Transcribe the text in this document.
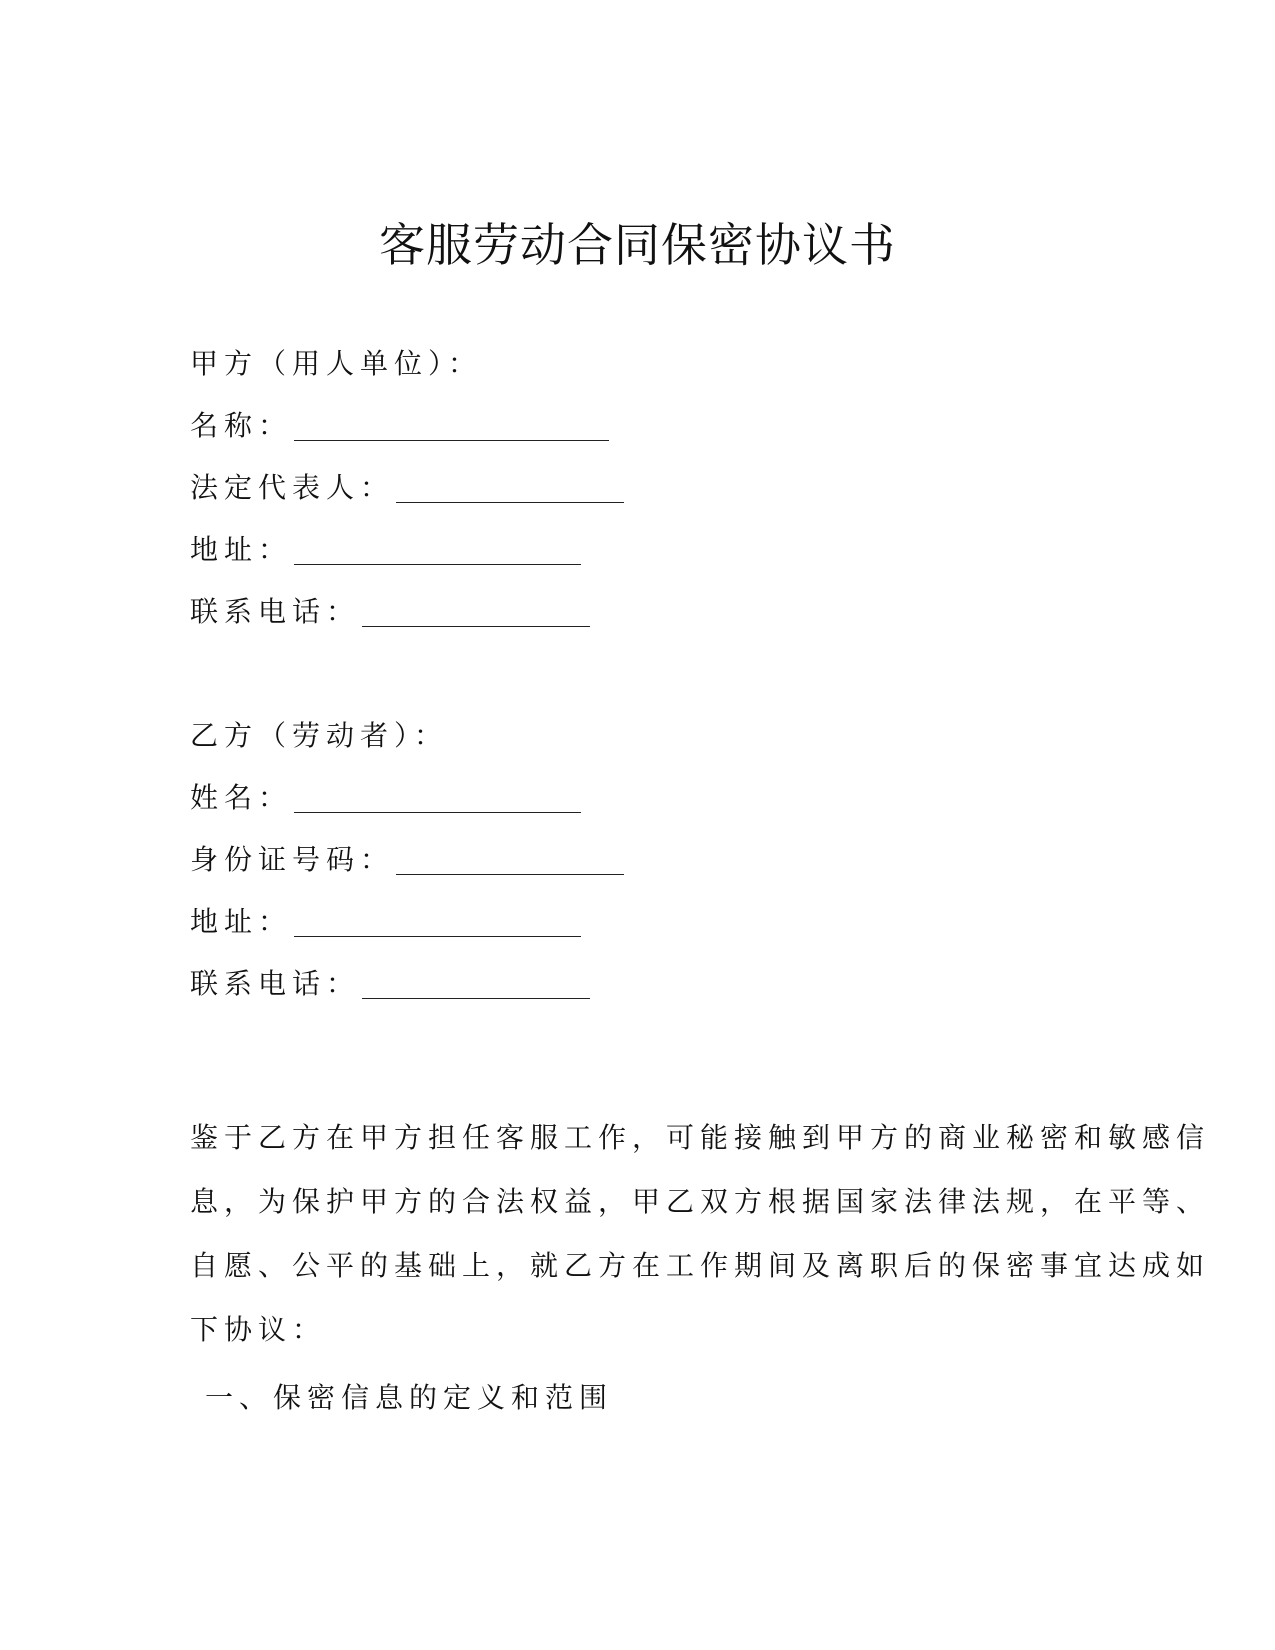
客服劳动合同保密协议书
甲方（用人单位）：
名称：
法定代表人：
地址：
联系电话：
乙方（劳动者）：
姓名：
身份证号码：
地址：
联系电话：
鉴于乙方在甲方担任客服工作，可能接触到甲方的商业秘密和敏感信
息，为保护甲方的合法权益，甲乙双方根据国家法律法规，在平等、
自愿、公平的基础上，就乙方在工作期间及离职后的保密事宜达成如
下协议：
一、保密信息的定义和范围
